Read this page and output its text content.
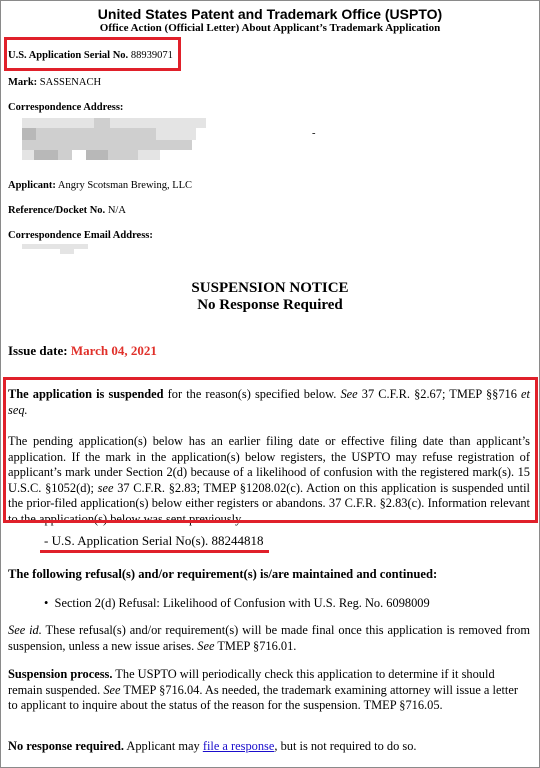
United States Patent and Trademark Office (USPTO)
Office Action (Official Letter) About Applicant’s Trademark Application
U.S. Application Serial No. 88939071
Mark: SASSENACH
Correspondence Address:
-
Applicant: Angry Scotsman Brewing, LLC
Reference/Docket No. N/A
Correspondence Email Address:
SUSPENSION NOTICE
No Response Required
Issue date: March 04, 2021
The application is suspended for the reason(s) specified below. See 37 C.F.R. §2.67; TMEP §§716 et seq.
The pending application(s) below has an earlier filing date or effective filing date than applicant’s application. If the mark in the application(s) below registers, the USPTO may refuse registration of applicant’s mark under Section 2(d) because of a likelihood of confusion with the registered mark(s). 15 U.S.C. §1052(d); see 37 C.F.R. §2.83; TMEP §1208.02(c). Action on this application is suspended until the prior-filed application(s) below either registers or abandons. 37 C.F.R. §2.83(c). Information relevant to the application(s) below was sent previously.
- U.S. Application Serial No(s). 88244818
The following refusal(s) and/or requirement(s) is/are maintained and continued:
•  Section 2(d) Refusal: Likelihood of Confusion with U.S. Reg. No. 6098009
See id. These refusal(s) and/or requirement(s) will be made final once this application is removed from suspension, unless a new issue arises. See TMEP §716.01.
Suspension process. The USPTO will periodically check this application to determine if it should remain suspended. See TMEP §716.04. As needed, the trademark examining attorney will issue a letter to applicant to inquire about the status of the reason for the suspension. TMEP §716.05.
No response required. Applicant may file a response, but is not required to do so.
